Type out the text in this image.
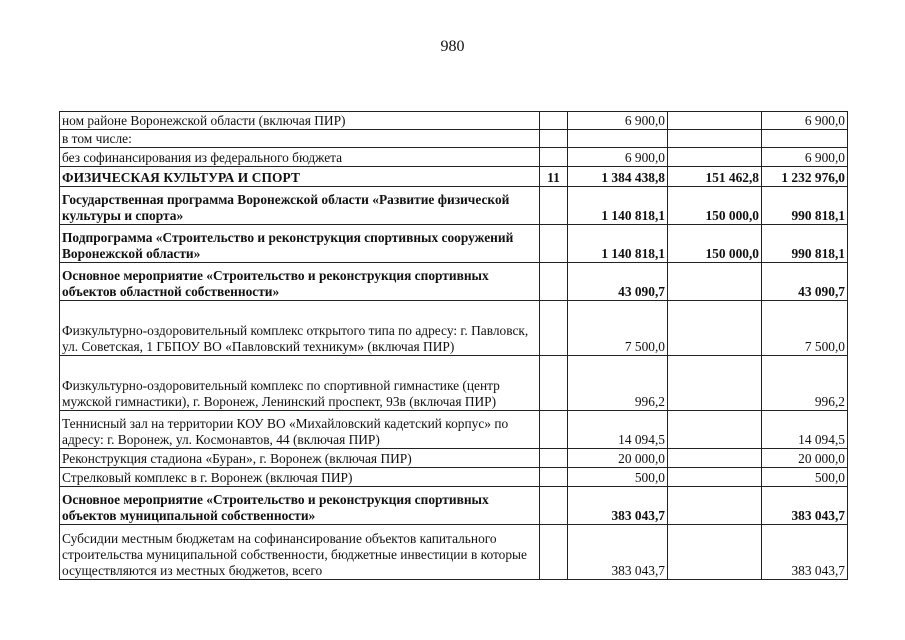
980
ном районе Воронежской области (включая ПИР)		6 900,0		6 900,0
в том числе:				
без софинансирования из федерального бюджета		6 900,0		6 900,0
ФИЗИЧЕСКАЯ КУЛЬТУРА И СПОРТ	11	1 384 438,8	151 462,8	1 232 976,0
Государственная программа Воронежской области «Развитие физической культуры и спорта»		1 140 818,1	150 000,0	990 818,1
Подпрограмма «Строительство и реконструкция спортивных сооружений Воронежской области»		1 140 818,1	150 000,0	990 818,1
Основное мероприятие «Строительство и реконструкция спортивных объектов областной собственности»		43 090,7		43 090,7
Физкультурно-оздоровительный комплекс открытого типа по адресу: г. Павловск, ул. Советская, 1 ГБПОУ ВО «Павловский техникум» (включая ПИР)		7 500,0		7 500,0
Физкультурно-оздоровительный комплекс по спортивной гимнастике (центр мужской гимнастики), г. Воронеж, Ленинский проспект, 93в (включая ПИР)		996,2		996,2
Теннисный зал на территории КОУ ВО «Михайловский кадетский корпус» по адресу: г. Воронеж, ул. Космонавтов, 44 (включая ПИР)		14 094,5		14 094,5
Реконструкция стадиона «Буран», г. Воронеж (включая ПИР)		20 000,0		20 000,0
Стрелковый комплекс в г. Воронеж (включая ПИР)		500,0		500,0
Основное мероприятие «Строительство и реконструкция спортивных объектов муниципальной собственности»		383 043,7		383 043,7
Субсидии местным бюджетам на софинансирование объектов капитального строительства муниципальной собственности, бюджетные инвестиции в которые осуществляются из местных бюджетов, всего		383 043,7		383 043,7
